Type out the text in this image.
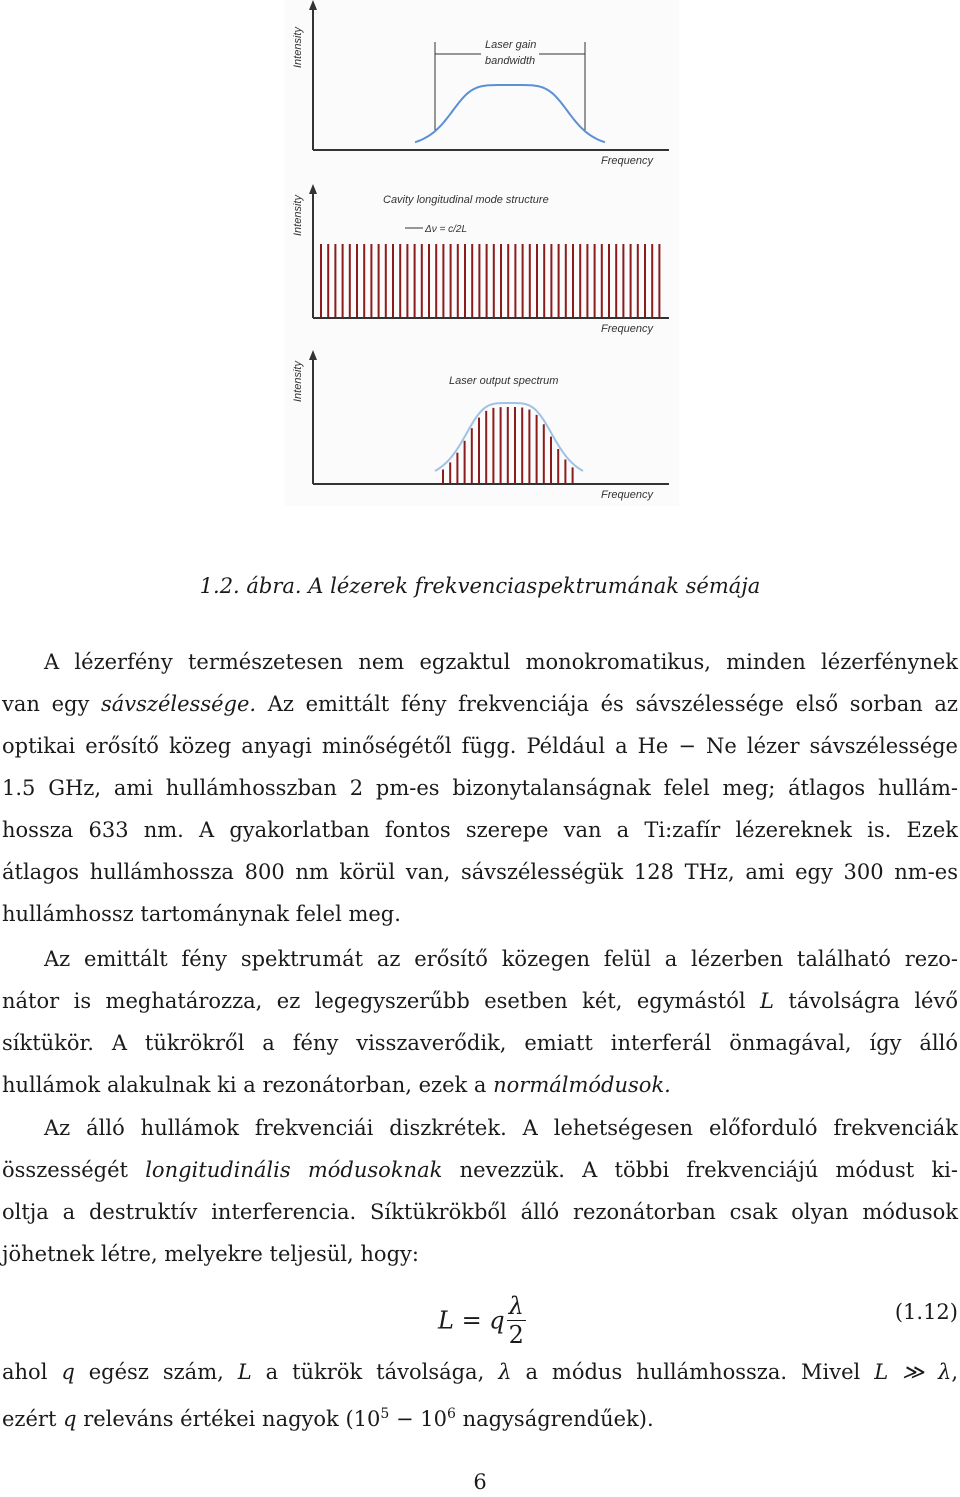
Intensity
Frequency
Laser gain
bandwidth
Intensity
Frequency
Cavity longitudinal mode structure
Δν = c/2L
Intensity
Frequency
Laser output spectrum
1.2. ábra. A lézerek frekvenciaspektrumának sémája
A lézerfény természetesen nem egzaktul monokromatikus, minden lézerfénynek
van egy sávszélessége. Az emittált fény frekvenciája és sávszélessége első sorban az
optikai erősítő közeg anyagi minőségétől függ. Például a He − Ne lézer sávszélessége
1.5 GHz, ami hullámhosszban 2 pm-es bizonytalanságnak felel meg; átlagos hullám-
hossza 633 nm. A gyakorlatban fontos szerepe van a Ti:zafír lézereknek is. Ezek
átlagos hullámhossza 800 nm körül van, sávszélességük 128 THz, ami egy 300 nm-es
hullámhossz tartománynak felel meg.
Az emittált fény spektrumát az erősítő közegen felül a lézerben található rezo-
nátor is meghatározza, ez legegyszerűbb esetben két, egymástól L távolságra lévő
síktükör. A tükrökről a fény visszaverődik, emiatt interferál önmagával, így álló
hullámok alakulnak ki a rezonátorban, ezek a normálmódusok.
Az álló hullámok frekvenciái diszkrétek. A lehetségesen előforduló frekvenciák
összességét longitudinális módusoknak nevezzük. A többi frekvenciájú módust ki-
oltja a destruktív interferencia. Síktükrökből álló rezonátorban csak olyan módusok
jöhetnek létre, melyekre teljesül, hogy:
L = q $\frac{\lambda}{2}$	(1.12)
ahol q egész szám, L a tükrök távolsága, λ a módus hullámhossza. Mivel L ≫ λ,
ezért q releváns értékei nagyok ($10^5 - 10^6$ nagyságrendűek).
6
